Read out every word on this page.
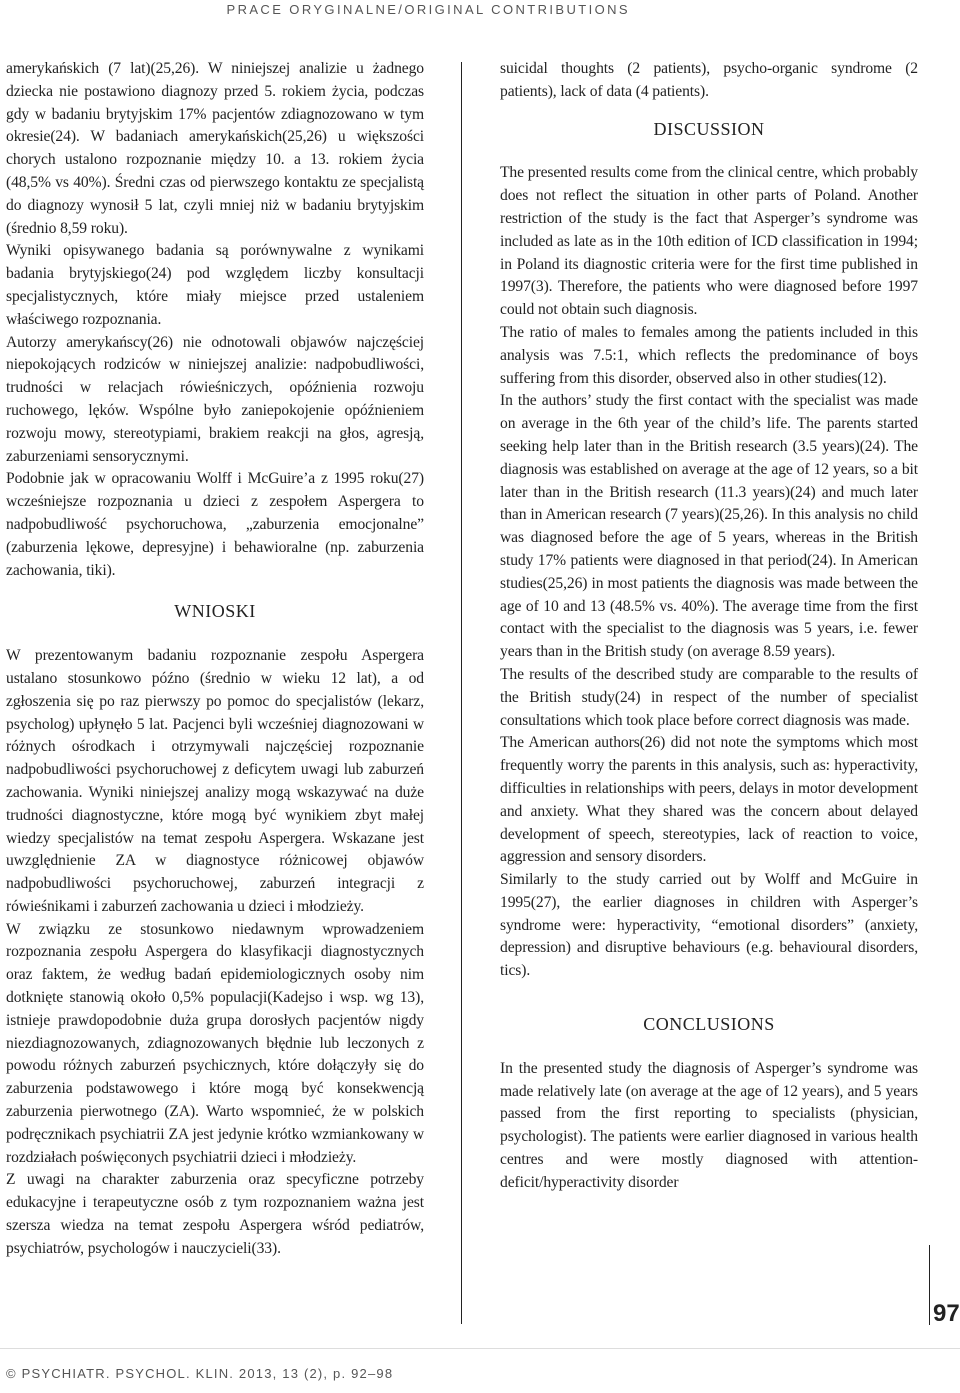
PRACE ORYGINALNE/ORIGINAL CONTRIBUTIONS

amerykańskich (7 lat)(25,26). W niniejszej analizie u żadnego dziecka nie postawiono diagnozy przed 5. rokiem życia, podczas gdy w badaniu brytyjskim 17% pacjentów zdiagnozowano w tym okresie(24). W badaniach amerykańskich(25,26) u większości chorych ustalono rozpoznanie między 10. a 13. rokiem życia (48,5% vs 40%). Średni czas od pierwszego kontaktu ze specjalistą do diagnozy wynosił 5 lat, czyli mniej niż w badaniu brytyjskim (średnio 8,59 roku).

Wyniki opisywanego badania są porównywalne z wynikami badania brytyjskiego(24) pod względem liczby konsultacji specjalistycznych, które miały miejsce przed ustaleniem właściwego rozpoznania.

Autorzy amerykańscy(26) nie odnotowali objawów najczęściej niepokojących rodziców w niniejszej analizie: nadpobudliwości, trudności w relacjach rówieśniczych, opóźnienia rozwoju ruchowego, lęków. Wspólne było zaniepokojenie opóźnieniem rozwoju mowy, stereotypiami, brakiem reakcji na głos, agresją, zaburzeniami sensorycznymi.

Podobnie jak w opracowaniu Wolff i McGuire’a z 1995 roku(27) wcześniejsze rozpoznania u dzieci z zespołem Aspergera to nadpobudliwość psychoruchowa, „zaburzenia emocjonalne” (zaburzenia lękowe, depresyjne) i behawioralne (np. zaburzenia zachowania, tiki).

WNIOSKI

W prezentowanym badaniu rozpoznanie zespołu Aspergera ustalano stosunkowo późno (średnio w wieku 12 lat), a od zgłoszenia się po raz pierwszy po pomoc do specjalistów (lekarz, psycholog) upłynęło 5 lat. Pacjenci byli wcześniej diagnozowani w różnych ośrodkach i otrzymywali najczęściej rozpoznanie nadpobudliwości psychoruchowej z deficytem uwagi lub zaburzeń zachowania. Wyniki niniejszej analizy mogą wskazywać na duże trudności diagnostyczne, które mogą być wynikiem zbyt małej wiedzy specjalistów na temat zespołu Aspergera. Wskazane jest uwzględnienie ZA w diagnostyce różnicowej objawów nadpobudliwości psychoruchowej, zaburzeń integracji z rówieśnikami i zaburzeń zachowania u dzieci i młodzieży.

W związku ze stosunkowo niedawnym wprowadzeniem rozpoznania zespołu Aspergera do klasyfikacji diagnostycznych oraz faktem, że według badań epidemiologicznych osoby nim dotknięte stanowią około 0,5% populacji(Kadejso i wsp. wg 13), istnieje prawdopodobnie duża grupa dorosłych pacjentów nigdy niezdiagnozowanych, zdiagnozowanych błędnie lub leczonych z powodu różnych zaburzeń psychicznych, które dołączyły się do zaburzenia podstawowego i które mogą być konsekwencją zaburzenia pierwotnego (ZA). Warto wspomnieć, że w polskich podręcznikach psychiatrii ZA jest jedynie krótko wzmiankowany w rozdziałach poświęconych psychiatrii dzieci i młodzieży.

Z uwagi na charakter zaburzenia oraz specyficzne potrzeby edukacyjne i terapeutyczne osób z tym rozpoznaniem ważna jest szersza wiedza na temat zespołu Aspergera wśród pediatrów, psychiatrów, psychologów i nauczycieli(33).

suicidal thoughts (2 patients), psycho-organic syndrome (2 patients), lack of data (4 patients).

DISCUSSION

The presented results come from the clinical centre, which probably does not reflect the situation in other parts of Poland. Another restriction of the study is the fact that Asperger’s syndrome was included as late as in the 10th edition of ICD classification in 1994; in Poland its diagnostic criteria were for the first time published in 1997(3). Therefore, the patients who were diagnosed before 1997 could not obtain such diagnosis.

The ratio of males to females among the patients included in this analysis was 7.5:1, which reflects the predominance of boys suffering from this disorder, observed also in other studies(12).

In the authors’ study the first contact with the specialist was made on average in the 6th year of the child’s life. The parents started seeking help later than in the British research (3.5 years)(24). The diagnosis was established on average at the age of 12 years, so a bit later than in the British research (11.3 years)(24) and much later than in American research (7 years)(25,26). In this analysis no child was diagnosed before the age of 5 years, whereas in the British study 17% patients were diagnosed in that period(24). In American studies(25,26) in most patients the diagnosis was made between the age of 10 and 13 (48.5% vs. 40%). The average time from the first contact with the specialist to the diagnosis was 5 years, i.e. fewer years than in the British study (on average 8.59 years).

The results of the described study are comparable to the results of the British study(24) in respect of the number of specialist consultations which took place before correct diagnosis was made.

The American authors(26) did not note the symptoms which most frequently worry the parents in this analysis, such as: hyperactivity, difficulties in relationships with peers, delays in motor development and anxiety. What they shared was the concern about delayed development of speech, stereotypies, lack of reaction to voice, aggression and sensory disorders.

Similarly to the study carried out by Wolff and McGuire in 1995(27), the earlier diagnoses in children with Asperger’s syndrome were: hyperactivity, “emotional disorders” (anxiety, depression) and disruptive behaviours (e.g. behavioural disorders, tics).

CONCLUSIONS

In the presented study the diagnosis of Asperger’s syndrome was made relatively late (on average at the age of 12 years), and 5 years passed from the first reporting to specialists (physician, psychologist). The patients were earlier diagnosed in various health centres and were mostly diagnosed with attention-deficit/hyperactivity disorder

97
© PSYCHIATR. PSYCHOL. KLIN. 2013, 13 (2), p. 92–98
